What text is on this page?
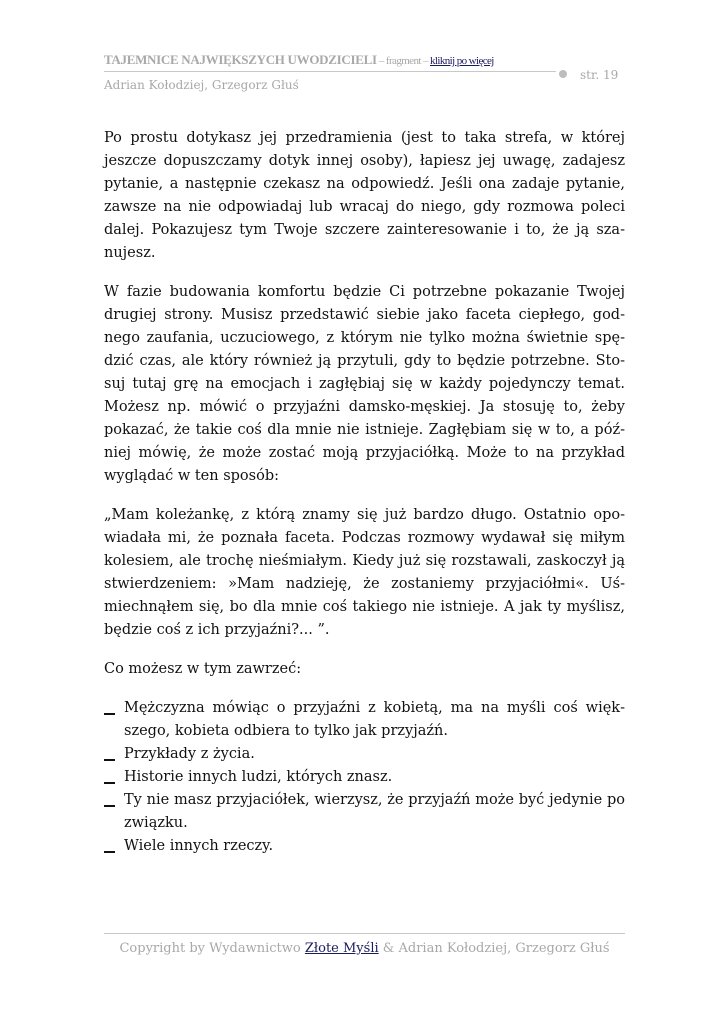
TAJEMNICE NAJWIĘKSZYCH UWODZICIELI – fragment – kliknij po więcej
str. 19
Adrian Kołodziej, Grzegorz Głuś

Po prostu dotykasz jej przedramienia (jest to taka strefa, w której jeszcze dopuszczamy dotyk innej osoby), łapiesz jej uwagę, zadajesz pytanie, a następnie czekasz na odpowiedź. Jeśli ona zadaje pytanie, zawsze na nie odpowiadaj lub wracaj do niego, gdy rozmowa poleci dalej. Pokazujesz tym Twoje szczere zainteresowanie i to, że ją szanujesz.

W fazie budowania komfortu będzie Ci potrzebne pokazanie Twojej drugiej strony. Musisz przedstawić siebie jako faceta ciepłego, godnego zaufania, uczuciowego, z którym nie tylko można świetnie spędzić czas, ale który również ją przytuli, gdy to będzie potrzebne. Stosuj tutaj grę na emocjach i zagłębiaj się w każdy pojedynczy temat. Możesz np. mówić o przyjaźni damsko-męskiej. Ja stosuję to, żeby pokazać, że takie coś dla mnie nie istnieje. Zagłębiam się w to, a później mówię, że może zostać moją przyjaciółką. Może to na przykład wyglądać w ten sposób:

„Mam koleżankę, z którą znamy się już bardzo długo. Ostatnio opowiadała mi, że poznała faceta. Podczas rozmowy wydawał się miłym kolesiem, ale trochę nieśmiałym. Kiedy już się rozstawali, zaskoczył ją stwierdzeniem: »Mam nadzieję, że zostaniemy przyjaciółmi«. Uśmiechnąłem się, bo dla mnie coś takiego nie istnieje. A jak ty myślisz, będzie coś z ich przyjaźni?... ”.

Co możesz w tym zawrzeć:

Mężczyzna mówiąc o przyjaźni z kobietą, ma na myśli coś większego, kobieta odbiera to tylko jak przyjaźń.
Przykłady z życia.
Historie innych ludzi, których znasz.
Ty nie masz przyjaciółek, wierzysz, że przyjaźń może być jedynie po związku.
Wiele innych rzeczy.
Copyright by Wydawnictwo Złote Myśli & Adrian Kołodziej, Grzegorz Głuś
